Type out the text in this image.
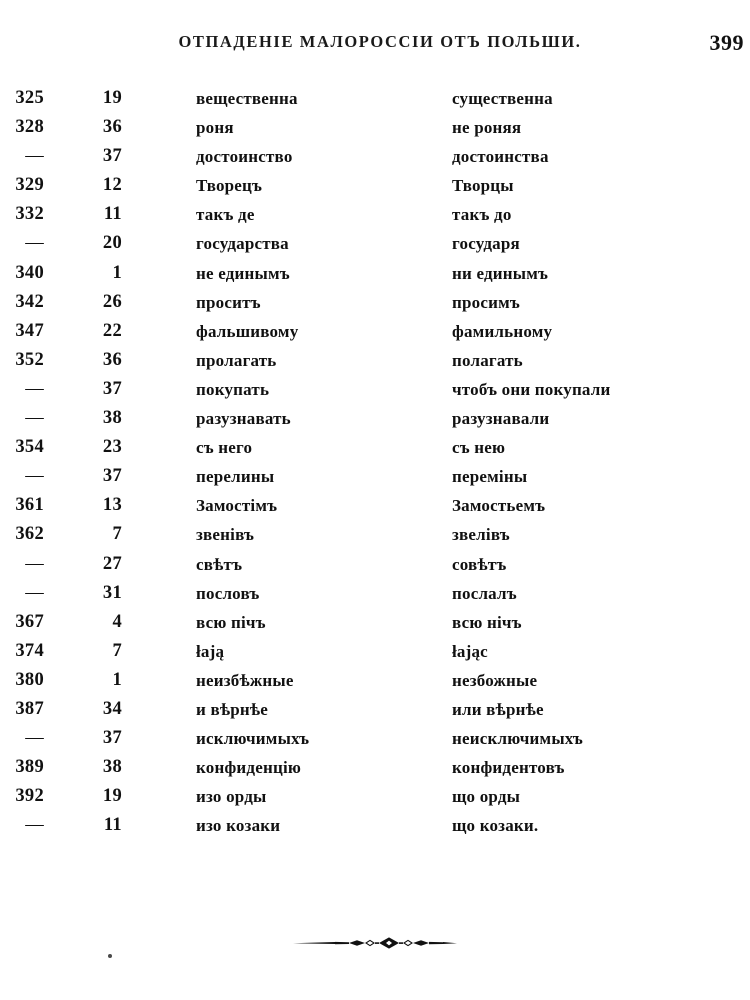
ОТПАДЕНІЕ МАЛОРОССІИ ОТЪ ПОЛЬШИ.	399
325	19	вещественна	существенна
328	36	роня	не роняя
—	37	достоинство	достоинства
329	12	Творецъ	Творцы
332	11	такъ де	такъ до
—	20	государства	государя
340	1	не единымъ	ни единымъ
342	26	проситъ	просимъ
347	22	фальшивому	фамильному
352	36	пролагать	полагать
—	37	покупать	чтобъ они покупали
—	38	разузнавать	разузнавали
354	23	съ него	съ нею
—	37	перелины	перемiны
361	13	Замостімъ	Замостьемъ
362	7	звенівъ	звелівъ
—	27	свѣтъ	совѣтъ
—	31	пословъ	послалъ
367	4	всю пічъ	всю нічъ
374	7	łają	łająс
380	1	неизбѣжные	незбожные
387	34	и вѣрнѣе	или вѣрнѣе
—	37	исключимыхъ	неисключимыхъ
389	38	конфиденцію	конфидентовъ
392	19	изо орды	що орды
—	11	изо козаки	що козаки.
